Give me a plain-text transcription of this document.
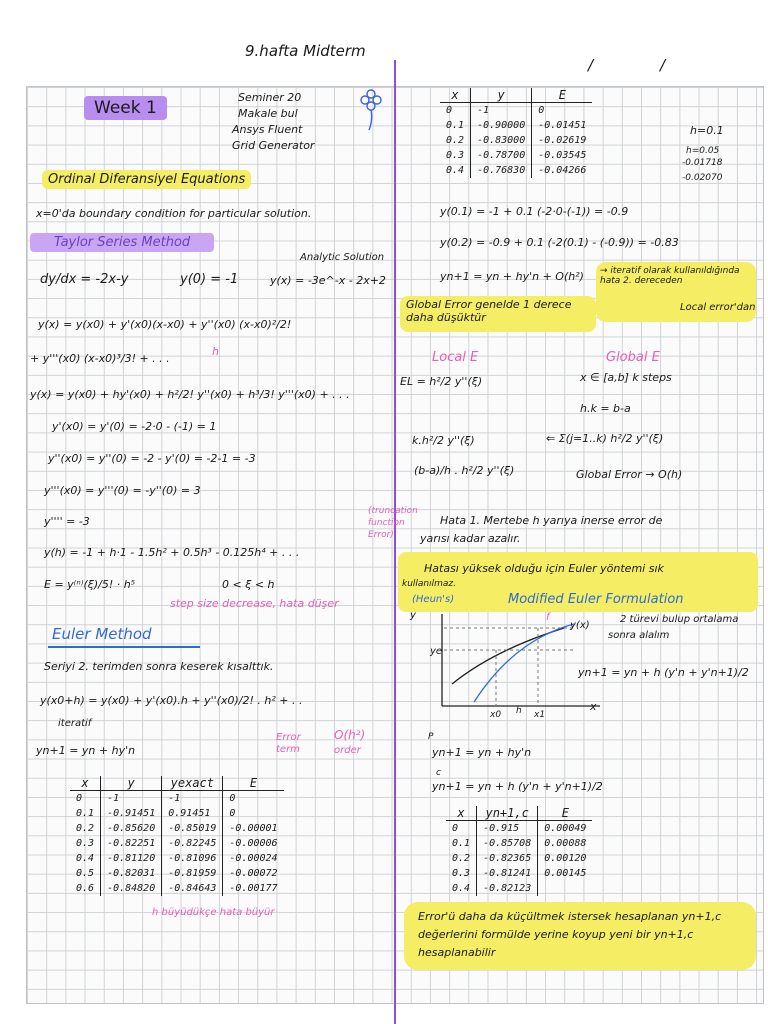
9.hafta Midterm
/	/
Week 1
Seminer 20
Makale bul
Ansys Fluent
Grid Generator
Ordinal Diferansiyel Equations
x=0'da boundary condition for particular solution.
Taylor Series Method
Analytic Solution
dy/dx = -2x-y	y(0) = -1	y(x) = -3e^-x - 2x+2
y(x) = y(x0) + y'(x0)(x-x0) + y''(x0) (x-x0)²/2!
+ y'''(x0) (x-x0)³/3! + . . .
h
y(x) = y(x0) + hy'(x0) + h²/2! y''(x0) + h³/3! y'''(x0) + . . .
y'(x0) = y'(0) = -2·0 - (-1) = 1
y''(x0) = y''(0) = -2 - y'(0) = -2-1 = -3
y'''(x0) = y'''(0) = -y''(0) = 3
y'''' = -3
(truncation
function
Error)
y(h) = -1 + h·1 - 1.5h² + 0.5h³ - 0.125h⁴ + . . .
E = y⁽ⁿ⁾(ξ)/5! · h⁵	0 < ξ < h
step size decrease, hata düşer
Euler Method
Seriyi 2. terimden sonra keserek kısalttık.
y(x0+h) = y(x0) + y'(x0).h + y''(x0)/2! . h² + . .
iteratif
Error
term
O(h²)
order
yn+1 = yn + hy'n
x	y	yexact	E
0	-1	-1	0
0.1	-0.91451	0.91451	0
0.2	-0.85620	-0.85019	-0.00001
0.3	-0.82251	-0.82245	-0.00006
0.4	-0.81120	-0.81096	-0.00024
0.5	-0.82031	-0.81959	-0.00072
0.6	-0.84820	-0.84643	-0.00177
h büyüdükçe hata büyür
x	y	E
0	-1	0
0.1	-0.90000	-0.01451
0.2	-0.83000	-0.02619
0.3	-0.78700	-0.03545
0.4	-0.76830	-0.04266
h=0.1
h=0.05
-0.01718
-0.02070
y(0.1) = -1 + 0.1 (-2·0-(-1)) = -0.9
y(0.2) = -0.9 + 0.1 (-2(0.1) - (-0.9)) = -0.83
yn+1 = yn + hy'n + O(h²) → iteratif olarak kullanıldığında hata 2. dereceden
Local error'dan
Global Error genelde 1 derece daha düşüktür
Local E	Global E
EL = h²/2 y''(ξ)	x ∈ [a,b] k steps
h.k = b-a
k.h²/2 y''(ξ)	⇐ Σ(j=1..k) h²/2 y''(ξ)
(b-a)/h . h²/2 y''(ξ)	Global Error → O(h)
Hata 1. Mertebe h yarıya inerse error de
yarısı kadar azalır.
Hatası yüksek olduğu için Euler yöntemi sık
kullanılmaz.
(Heun's)	Modified Euler Formulation
y
ye
y(x)
f
x0 h x1
x
2 türevi bulup ortalama
sonra alalım
yn+1 = yn + h (y'n + y'n+1)/2
P
yn+1 = yn + hy'n
c
yn+1 = yn + h (y'n + y'n+1)/2
x	yn+1,c	E
0	-0.915	0.00049
0.1	-0.85708	0.00088
0.2	-0.82365	0.00120
0.3	-0.81241	0.00145
0.4	-0.82123	
Error'ü daha da küçültmek istersek hesaplanan yn+1,c değerlerini formülde yerine koyup yeni bir yn+1,c hesaplanabilir
